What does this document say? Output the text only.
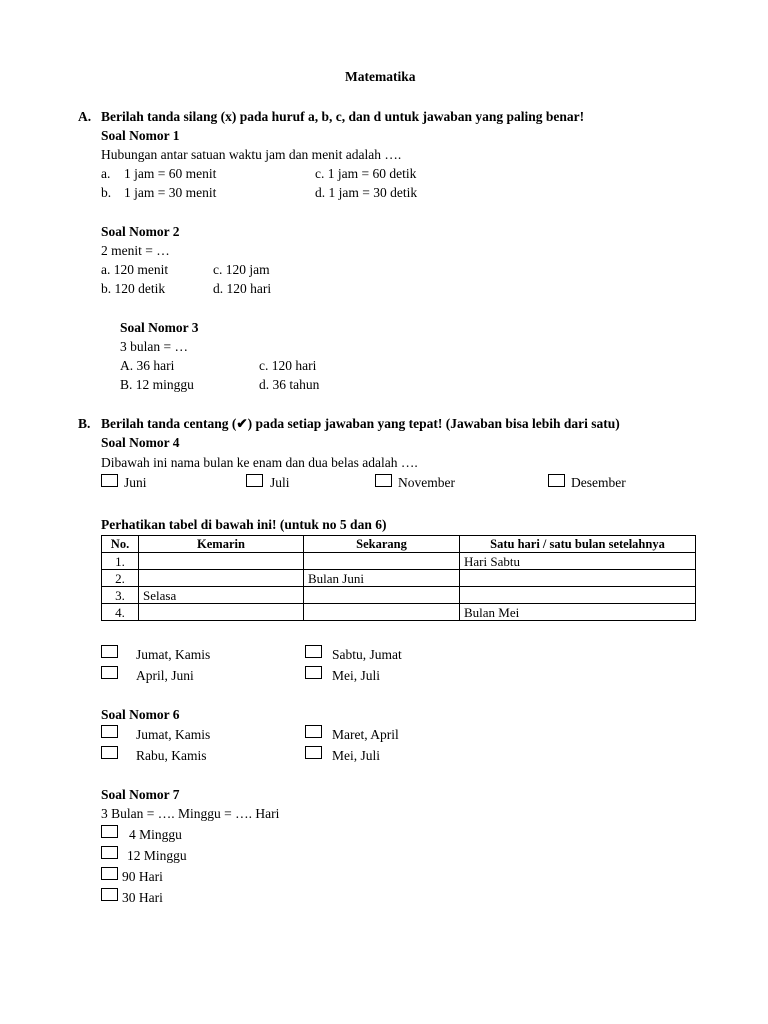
Matematika
A. Berilah tanda silang (x) pada huruf a, b, c, dan d untuk jawaban yang paling benar!
Soal Nomor 1
Hubungan antar satuan waktu jam dan menit adalah ….
a. 1 jam = 60 menit	c. 1 jam = 60 detik
b. 1 jam = 30 menit	d. 1 jam = 30 detik
Soal Nomor 2
2 menit = …
a. 120 menit	c. 120 jam
b. 120 detik	d. 120 hari
Soal Nomor 3
3 bulan = …
A. 36 hari	c. 120 hari
B. 12 minggu	d. 36 tahun
B. Berilah tanda centang (✔) pada setiap jawaban yang tepat! (Jawaban bisa lebih dari satu)
Soal Nomor 4
Dibawah ini nama bulan ke enam dan dua belas adalah ….
Juni	Juli	November	Desember
Perhatikan tabel di bawah ini! (untuk no 5 dan 6)
No.	Kemarin	Sekarang	Satu hari / satu bulan setelahnya
1.			Hari Sabtu
2.		Bulan Juni	
3.	Selasa		
4.			Bulan Mei
Jumat, Kamis	Sabtu, Jumat
April, Juni	Mei, Juli
Soal Nomor 6
Jumat, Kamis	Maret, April
Rabu, Kamis	Mei, Juli
Soal Nomor 7
3 Bulan = …. Minggu = …. Hari
4 Minggu
12 Minggu
90 Hari
30 Hari
